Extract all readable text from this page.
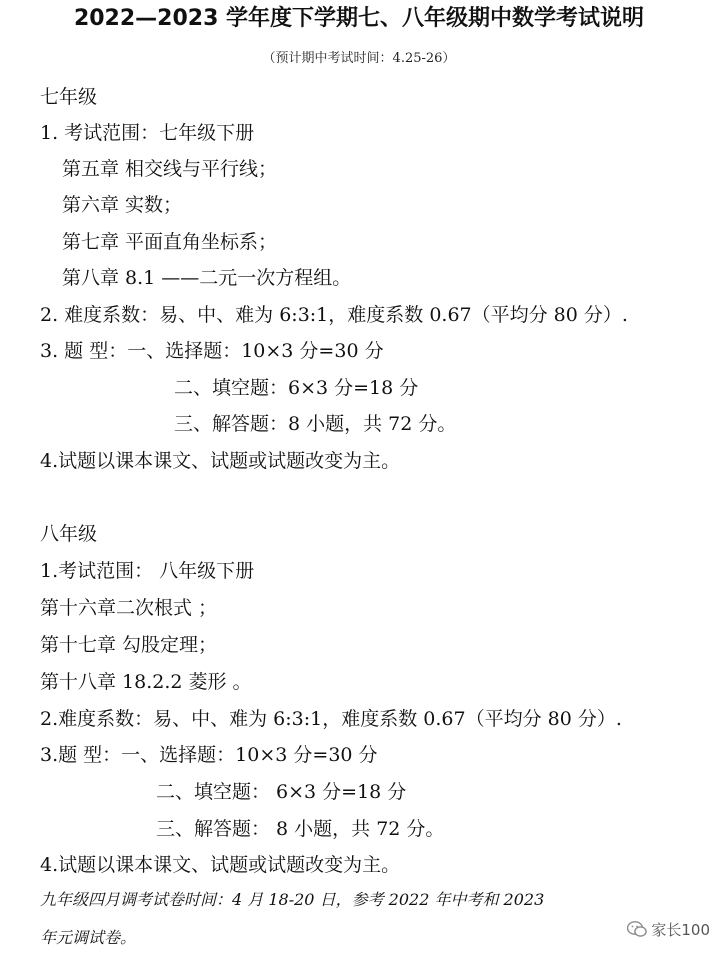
2022—2023 学年度下学期七、八年级期中数学考试说明
（预计期中考试时间：4.25-26）
七年级
1. 考试范围：七年级下册
第五章 相交线与平行线；
第六章 实数；
第七章 平面直角坐标系；
第八章 8.1 ——二元一次方程组。
2. 难度系数：易、中、难为 6:3:1，难度系数 0.67（平均分 80 分）.
3. 题 型：一、选择题：10×3 分=30 分
二、填空题：6×3 分=18 分
三、解答题：8 小题，共 72 分。
4.试题以课本课文、试题或试题改变为主。
八年级
1.考试范围： 八年级下册
第十六章二次根式 ；
第十七章 勾股定理；
第十八章 18.2.2 菱形 。
2.难度系数：易、中、难为 6:3:1，难度系数 0.67（平均分 80 分）.
3.题 型：一、选择题：10×3 分=30 分
二、填空题： 6×3 分=18 分
三、解答题： 8 小题，共 72 分。
4.试题以课本课文、试题或试题改变为主。
九年级四月调考试卷时间：4 月 18-20 日，参考 2022 年中考和 2023
年元调试卷。	家长100
